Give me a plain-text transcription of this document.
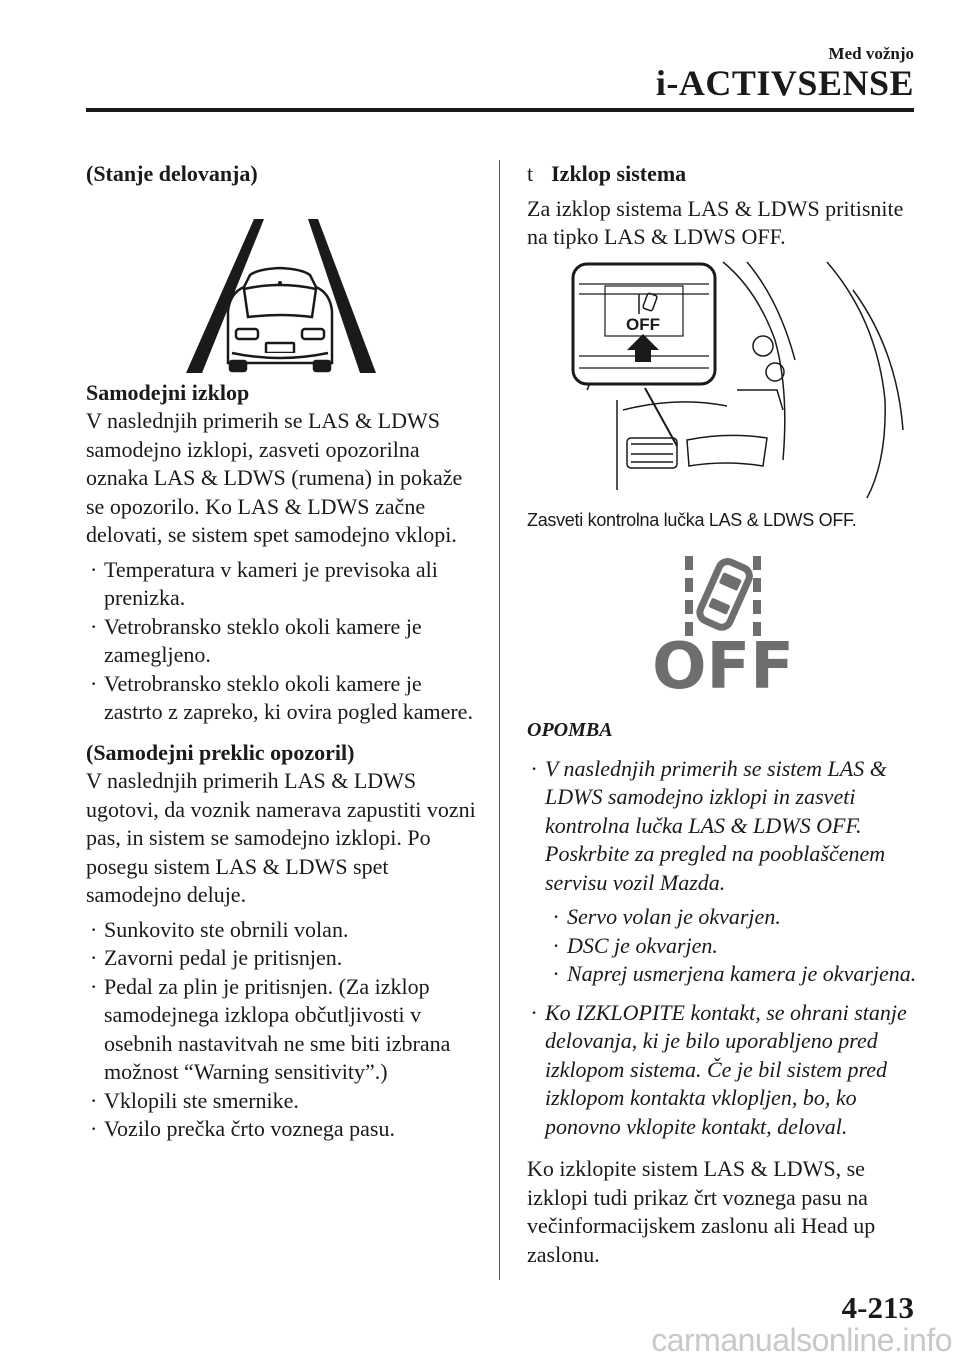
Med vožnjo
i-ACTIVSENSE
(Stanje delovanja)
Samodejni izklop

V naslednjih primerih se LAS & LDWS samodejno izklopi, zasveti opozorilna oznaka LAS & LDWS (rumena) in pokaže se opozorilo. Ko LAS & LDWS začne delovati, se sistem spet samodejno vklopi.

· Temperatura v kameri je previsoka ali prenizka.
· Vetrobransko steklo okoli kamere je zamegljeno.
· Vetrobransko steklo okoli kamere je zastrto z zapreko, ki ovira pogled kamere.
(Samodejni preklic opozoril)

V naslednjih primerih LAS & LDWS ugotovi, da voznik namerava zapustiti vozni pas, in sistem se samodejno izklopi. Po posegu sistem LAS & LDWS spet samodejno deluje.

· Sunkovito ste obrnili volan.
· Zavorni pedal je pritisnjen.
· Pedal za plin je pritisnjen. (Za izklop samodejnega izklopa občutljivosti v osebnih nastavitvah ne sme biti izbrana možnost “Warning sensitivity”.)
· Vklopili ste smernike.
· Vozilo prečka črto voznega pasu.
t Izklop sistema

Za izklop sistema LAS & LDWS pritisnite na tipko LAS & LDWS OFF.

OFF
Zasveti kontrolna lučka LAS & LDWS OFF.
OFF
OPOMBA
· V naslednjih primerih se sistem LAS & LDWS samodejno izklopi in zasveti kontrolna lučka LAS & LDWS OFF. Poskrbite za pregled na pooblaščenem servisu vozil Mazda.
· Servo volan je okvarjen.
· DSC je okvarjen.
· Naprej usmerjena kamera je okvarjena.
· Ko IZKLOPITE kontakt, se ohrani stanje delovanja, ki je bilo uporabljeno pred izklopom sistema. Če je bil sistem pred izklopom kontakta vklopljen, bo, ko ponovno vklopite kontakt, deloval.

Ko izklopite sistem LAS & LDWS, se izklopi tudi prikaz črt voznega pasu na večinformacijskem zaslonu ali Head up zaslonu.

4-213
carmanualsonline.info
